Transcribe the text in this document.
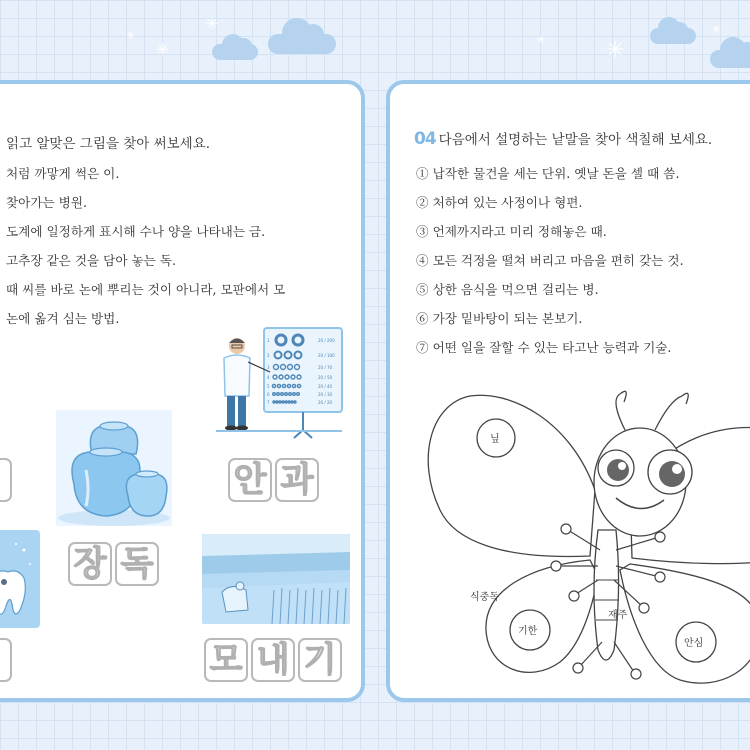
✳
✳
✳	✳	✳
✳
읽고 알맞은 그림을 찾아 써보세요.
처럼 까맣게 썩은 이.
찾아가는 병원.
도계에 일정하게 표시해 수나 양을 나타내는 금.
고추장 같은 것을 담아 놓는 독.
때 씨를 바로 논에 뿌리는 것이 아니라, 모판에서 모
논에 옮겨 심는 방법.
1
2
3
4
5
6
7
20 / 200
20 / 100
20 / 70
20 / 50
20 / 40
20 / 30
20 / 20
안 과
장 독
모 내 기
04 다음에서 설명하는 낱말을 찾아 색칠해 보세요.
① 납작한 물건을 세는 단위. 옛날 돈을 셀 때 씀.
② 처하여 있는 사정이나 형편.
③ 언제까지라고 미리 정해놓은 때.
④ 모든 걱정을 떨쳐 버리고 마음을 편히 갖는 것.
⑤ 상한 음식을 먹으면 걸리는 병.
⑥ 가장 밑바탕이 되는 본보기.
⑦ 어떤 일을 잘할 수 있는 타고난 능력과 기술.
닢
식중독
기한
재주
안심
